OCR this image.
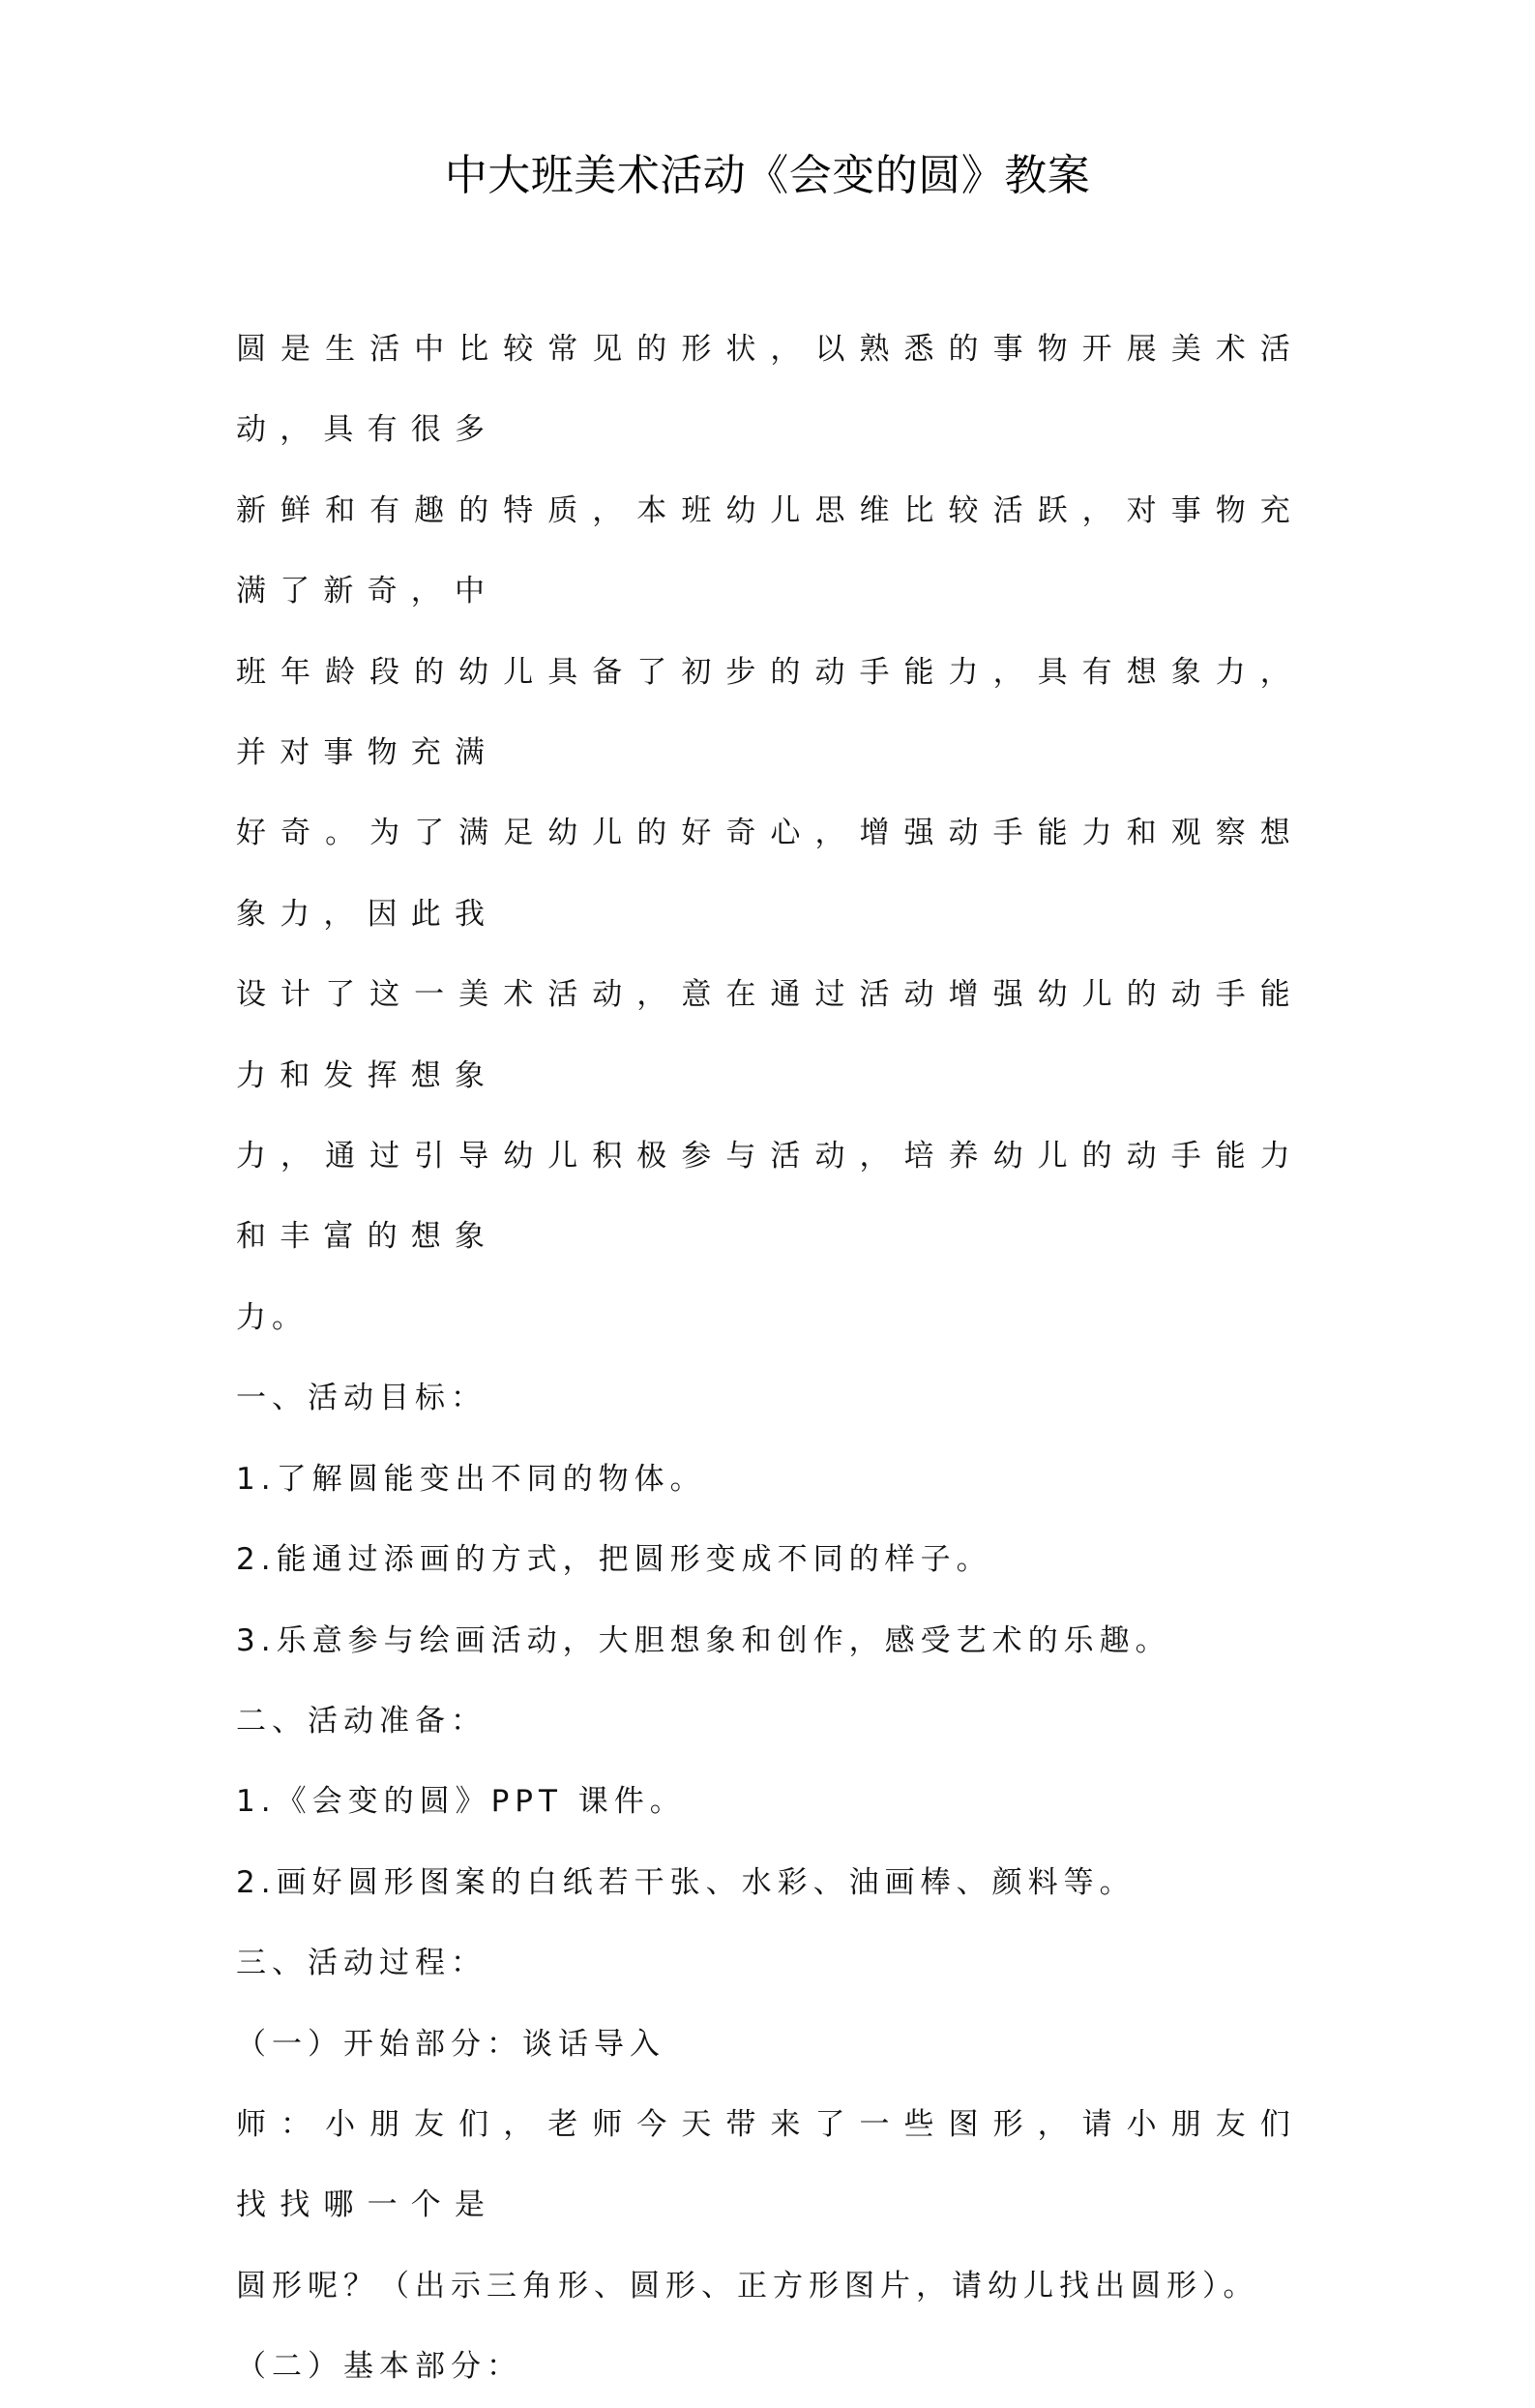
中大班美术活动《会变的圆》教案

圆是生活中比较常见的形状，以熟悉的事物开展美术活动，具有很多

新鲜和有趣的特质，本班幼儿思维比较活跃，对事物充满了新奇，中

班年龄段的幼儿具备了初步的动手能力，具有想象力，并对事物充满

好奇。为了满足幼儿的好奇心，增强动手能力和观察想象力，因此我

设计了这一美术活动，意在通过活动增强幼儿的动手能力和发挥想象

力，通过引导幼儿积极参与活动，培养幼儿的动手能力和丰富的想象

力。

一、活动目标：

1.了解圆能变出不同的物体。

2.能通过添画的方式，把圆形变成不同的样子。

3.乐意参与绘画活动，大胆想象和创作，感受艺术的乐趣。

二、活动准备：

1.《会变的圆》PPT 课件。

2.画好圆形图案的白纸若干张、水彩、油画棒、颜料等。

三、活动过程：

（一）开始部分：谈话导入

师：小朋友们，老师今天带来了一些图形，请小朋友们找找哪一个是

圆形呢？（出示三角形、圆形、正方形图片，请幼儿找出圆形）。

（二）基本部分：
